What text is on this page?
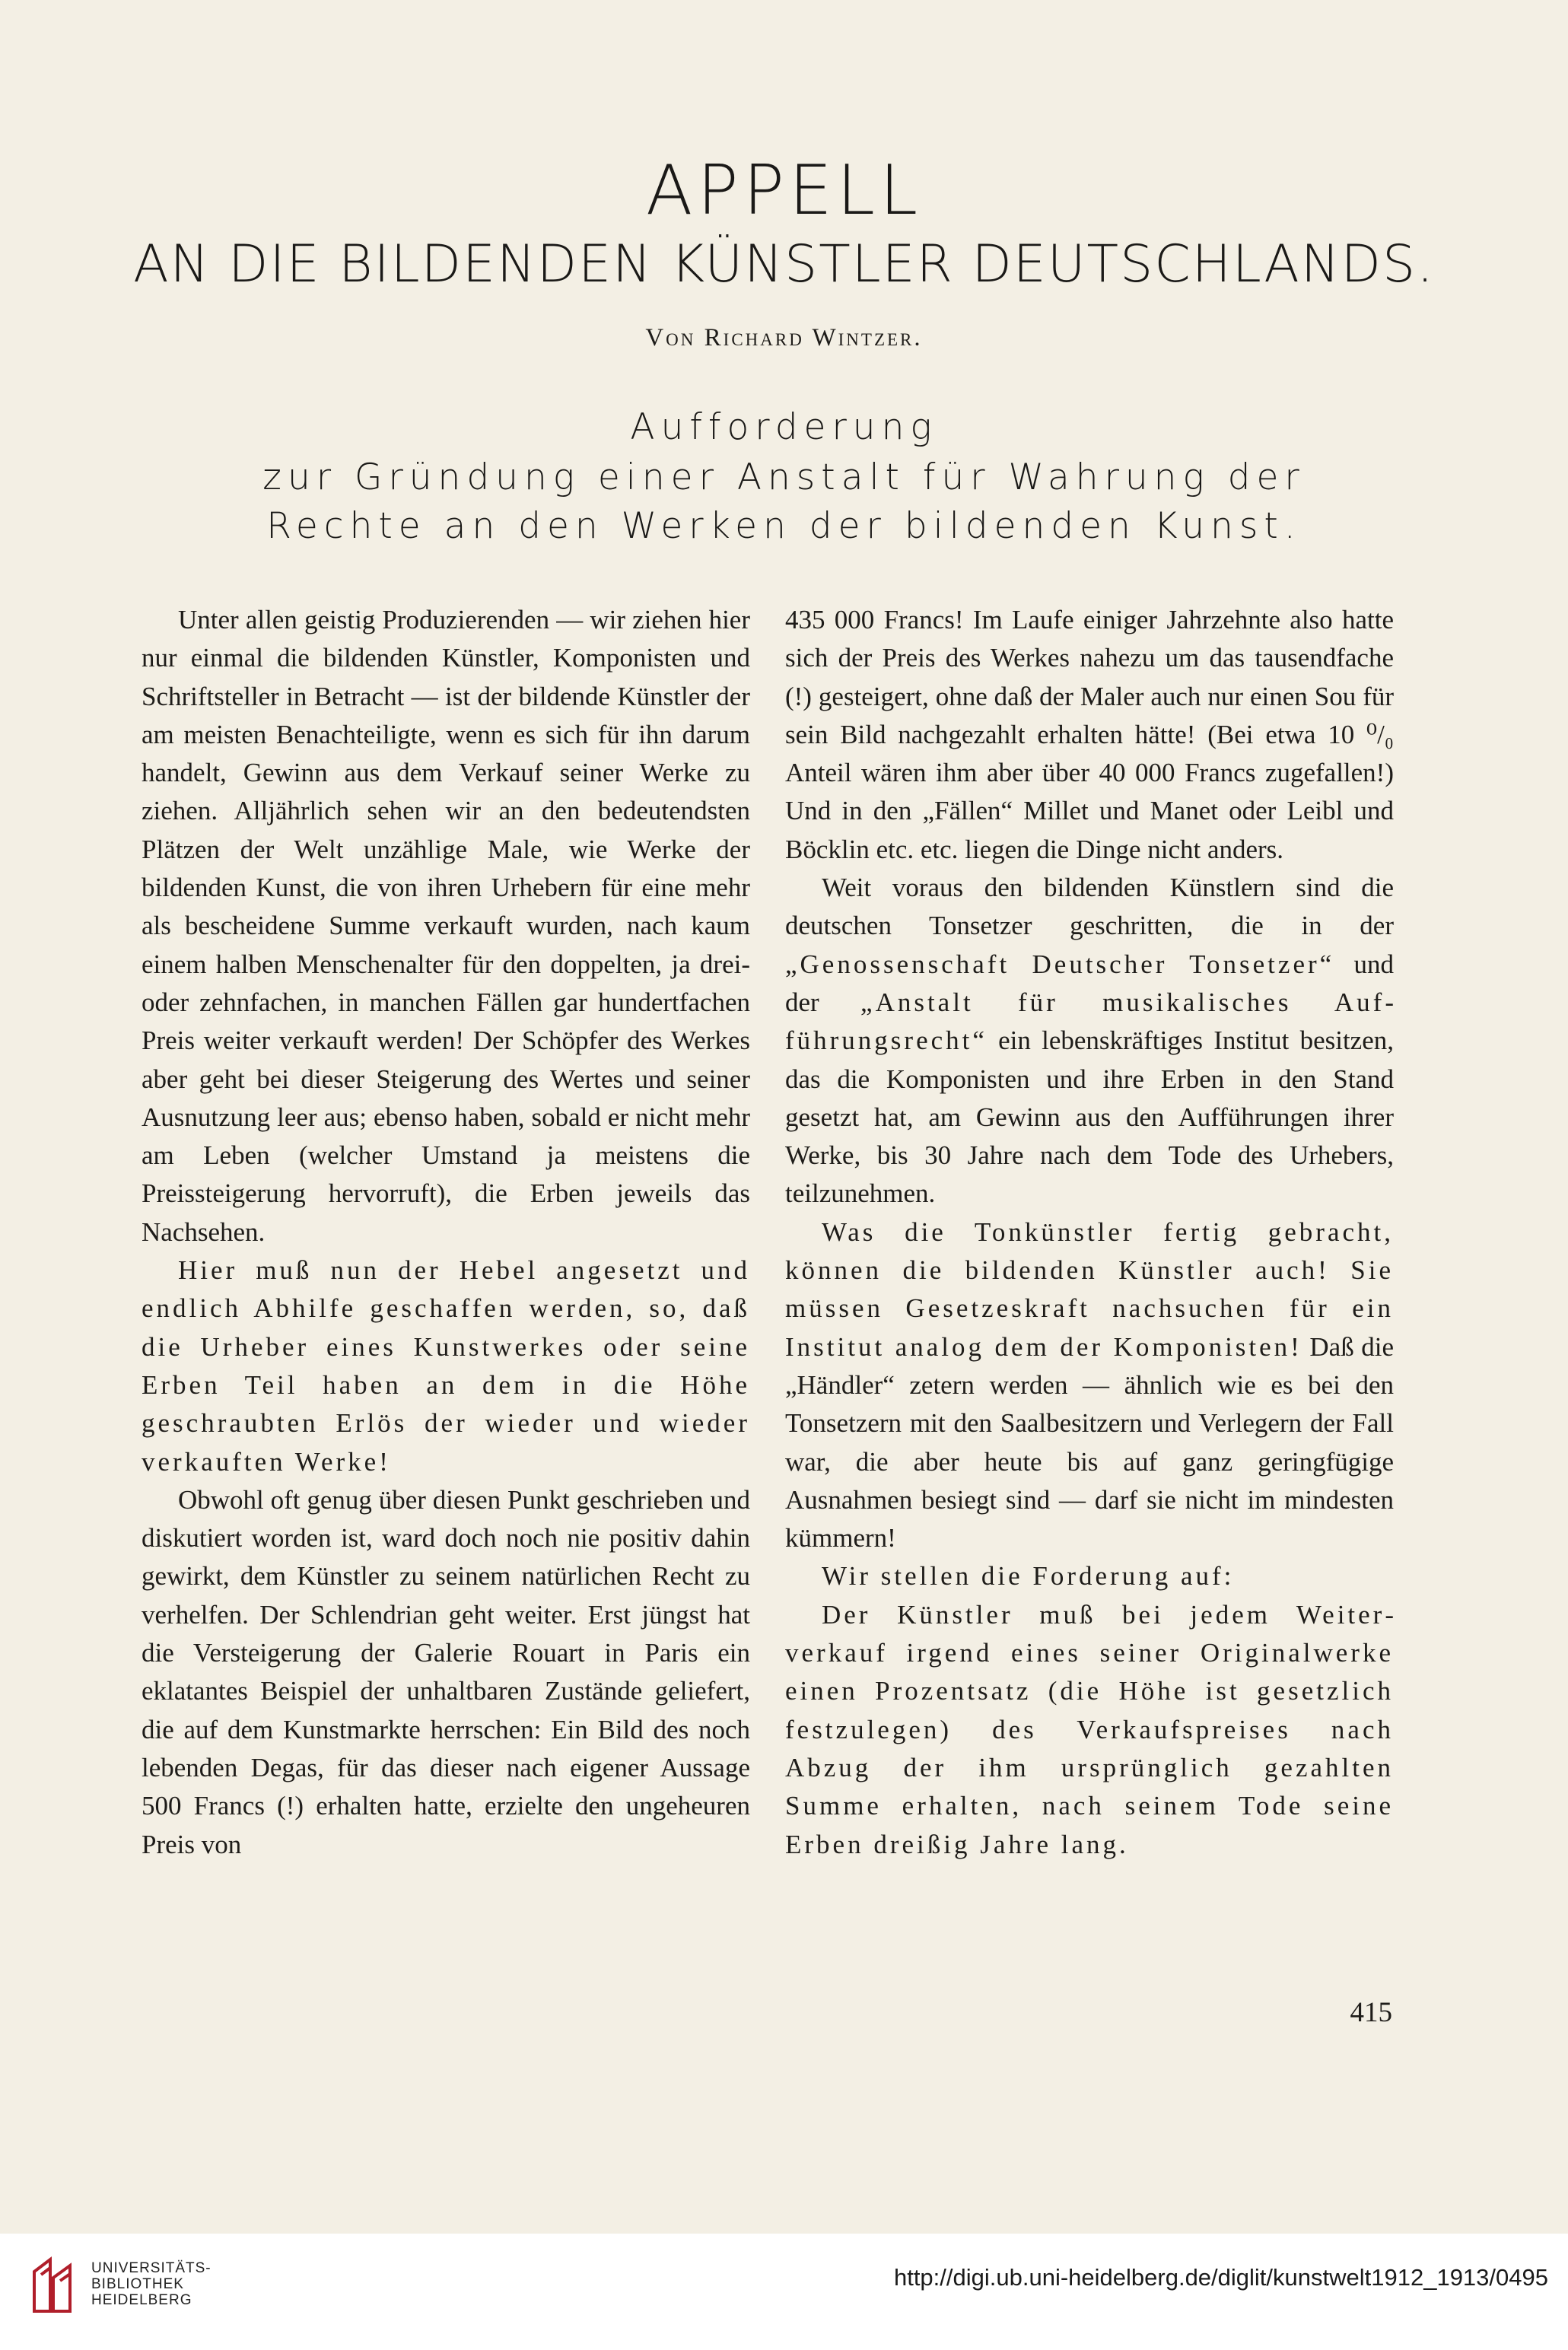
APPELL
AN DIE BILDENDEN KÜNSTLER DEUTSCHLANDS.
Von Richard Wintzer.
Aufforderung
zur Gründung einer Anstalt für Wahrung der
Rechte an den Werken der bildenden Kunst.

Unter allen geistig Produzierenden — wir ziehen hier nur einmal die bildenden Künstler, Komponisten und Schriftsteller in Betracht — ist der bildende Künstler der am meisten Benachteiligte, wenn es sich für ihn darum handelt, Gewinn aus dem Verkauf seiner Werke zu ziehen. Alljährlich sehen wir an den bedeutendsten Plätzen der Welt unzählige Male, wie Werke der bildenden Kunst, die von ihren Urhebern für eine mehr als bescheidene Summe verkauft wurden, nach kaum einem halben Menschenalter für den doppelten, ja drei- oder zehnfachen, in manchen Fällen gar hundertfachen Preis weiter verkauft werden! Der Schöpfer des Werkes aber geht bei dieser Steigerung des Wertes und seiner Ausnutzung leer aus; ebenso haben, sobald er nicht mehr am Leben (welcher Umstand ja meistens die Preissteigerung hervorruft), die Erben jeweils das Nachsehen.

Hier muß nun der Hebel angesetzt und endlich Abhilfe geschaffen werden, so, daß die Urheber eines Kunstwerkes oder seine Erben Teil haben an dem in die Höhe geschraubten Erlös der wieder und wieder verkauften Werke!

Obwohl oft genug über diesen Punkt geschrieben und diskutiert worden ist, ward doch noch nie positiv dahin gewirkt, dem Künstler zu seinem natürlichen Recht zu verhelfen. Der Schlendrian geht weiter. Erst jüngst hat die Versteigerung der Galerie Rouart in Paris ein eklatantes Beispiel der unhaltbaren Zustände geliefert, die auf dem Kunstmarkte herrschen: Ein Bild des noch lebenden Degas, für das dieser nach eigener Aussage 500 Francs (!) erhalten hatte, erzielte den ungeheuren Preis von

435 000 Francs! Im Laufe einiger Jahrzehnte also hatte sich der Preis des Werkes nahezu um das tausendfache (!) gesteigert, ohne daß der Maler auch nur einen Sou für sein Bild nachgezahlt erhalten hätte! (Bei etwa 10 ⁰/₀ Anteil wären ihm aber über 40 000 Francs zugefallen!) Und in den „Fällen“ Millet und Manet oder Leibl und Böcklin etc. etc. liegen die Dinge nicht anders.

Weit voraus den bildenden Künstlern sind die deutschen Tonsetzer geschritten, die in der „Genossenschaft Deutscher Tonsetzer“ und der „Anstalt für musikalisches Aufführungsrecht“ ein lebenskräftiges Institut besitzen, das die Komponisten und ihre Erben in den Stand gesetzt hat, am Gewinn aus den Aufführungen ihrer Werke, bis 30 Jahre nach dem Tode des Urhebers, teilzunehmen.

Was die Tonkünstler fertig gebracht, können die bildenden Künstler auch! Sie müssen Gesetzeskraft nachsuchen für ein Institut analog dem der Komponisten! Daß die „Händler“ zetern werden — ähnlich wie es bei den Tonsetzern mit den Saalbesitzern und Verlegern der Fall war, die aber heute bis auf ganz geringfügige Ausnahmen besiegt sind — darf sie nicht im mindesten kümmern!

Wir stellen die Forderung auf:

Der Künstler muß bei jedem Weiterverkauf irgend eines seiner Originalwerke einen Prozentsatz (die Höhe ist gesetzlich festzulegen) des Verkaufspreises nach Abzug der ihm ursprünglich gezahlten Summe erhalten, nach seinem Tode seine Erben dreißig Jahre lang.

415
UNIVERSITÄTS-
BIBLIOTHEK
HEIDELBERG
http://digi.ub.uni-heidelberg.de/diglit/kunstwelt1912_1913/0495
